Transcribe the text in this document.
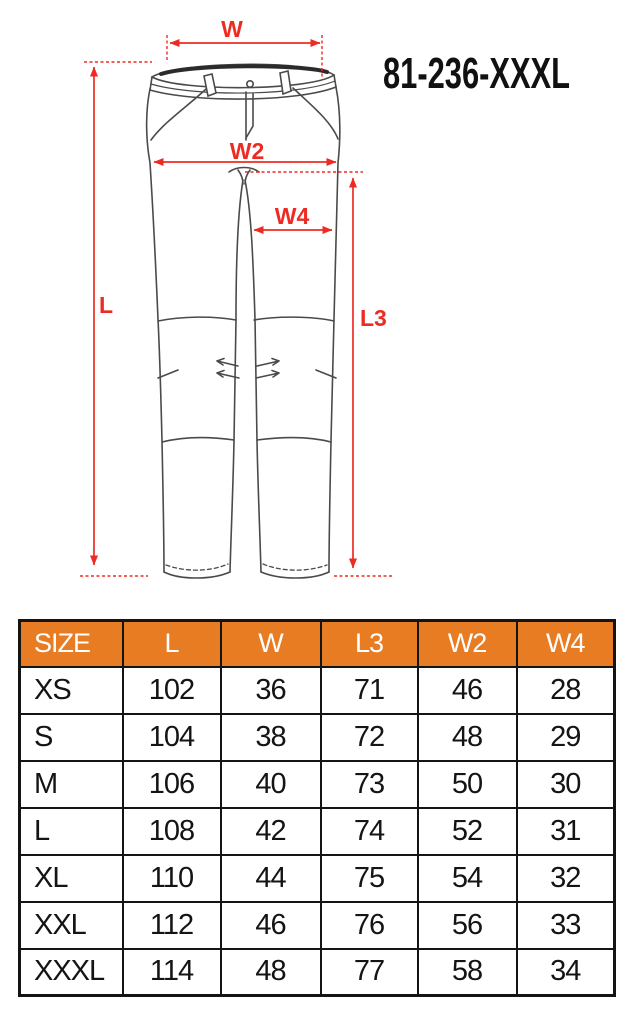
W
W2
W4
L	L3
81-236-XXXL
SIZE	L	W	L3	W2	W4
XS	102	36	71	46	28
S	104	38	72	48	29
M	106	40	73	50	30
L	108	42	74	52	31
XL	110	44	75	54	32
XXL	112	46	76	56	33
XXXL	114	48	77	58	34
